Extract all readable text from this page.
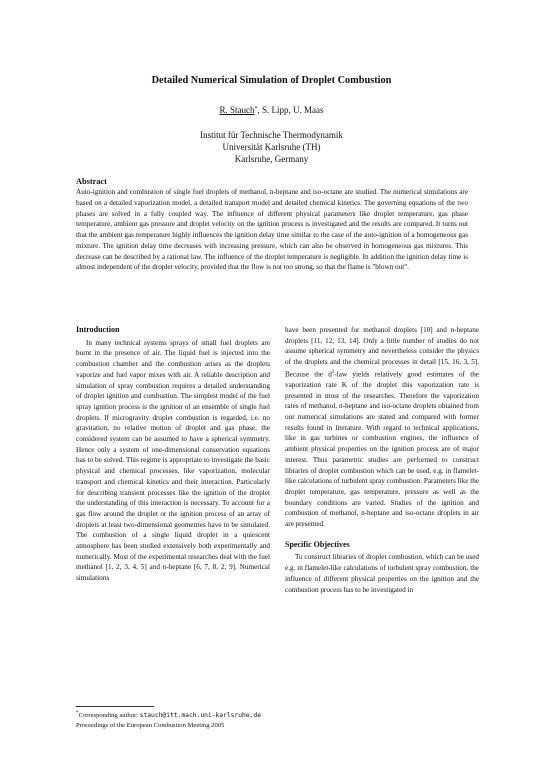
Detailed Numerical Simulation of Droplet Combustion
R. Stauch*, S. Lipp, U. Maas
Institut für Technische Thermodynamik
Universität Karlsruhe (TH)
Karlsruhe, Germany
Abstract
Auto-ignition and combustion of single fuel droplets of methanol, n-heptane and iso-octane are studied. The numerical simulations are based on a detailed vaporization model, a detailed transport model and detailed chemical kinetics. The governing equations of the two phases are solved in a fully coupled way. The influence of different physical parameters like droplet temperature, gas phase temperature, ambient gas pressure and droplet velocity on the ignition process is investigated and the results are compared. It turns out that the ambient gas temperature highly influences the ignition delay time similar to the case of the auto-ignition of a homogeneous gas mixture. The ignition delay time decreases with increasing pressure, which can also be observed in homogeneous gas mixtures. This decrease can be described by a rational law. The influence of the droplet temperature is negligible. In addition the ignition delay time is almost independent of the droplet velocity, provided that the flow is not too strong, so that the flame is "blown out".
Introduction

In many technical systems sprays of small fuel droplets are burnt in the presence of air. The liquid fuel is injected into the combustion chamber and the combustion arises as the droplets vaporize and fuel vapor mixes with air. A reliable description and simulation of spray combustion requires a detailed understanding of droplet ignition and combustion. The simplest model of the fuel spray ignition process is the ignition of an ensemble of single fuel droplets. If microgravity droplet combustion is regarded, i.e. no gravitation, no relative motion of droplet and gas phase, the considered system can be assumed to have a spherical symmetry. Hence only a system of one-dimensional conservation equations has to be solved. This regime is appropriate to investigate the basic physical and chemical processes, like vaporization, molecular transport and chemical kinetics and their interaction. Particularly for describing transient processes like the ignition of the droplet the understanding of this interaction is necessary. To account for a gas flow around the droplet or the ignition process of an array of droplets at least two-dimensional geometries have to be simulated. The combustion of a single liquid droplet in a quiescent atmosphere has been studied extensively both experimentally and numerically. Most of the experimental researches deal with the fuel methanol [1, 2, 3, 4, 5] and n-heptane [6, 7, 8, 2, 9]. Numerical simulations

have been presented for methanol droplets [10] and n-heptane droplets [11, 12, 13, 14]. Only a little number of studies do not assume spherical symmetry and nevertheless consider the physics of the droplets and the chemical processes in detail [15, 16, 3, 5]. Because the $d^2$-law yields relatively good estimates of the vaporization rate K of the droplet this vaporization rate is presented in most of the researches. Therefore the vaporization rates of methanol, n-heptane and iso-octane droplets obtained from our numerical simulations are stated and compared with former results found in literature. With regard to technical applications, like in gas turbines or combustion engines, the influence of ambient physical properties on the ignition process are of major interest. Thus parametric studies are performed to construct libraries of droplet combustion which can be used, e.g. in flamelet-like calculations of turbulent spray combustion. Parameters like the droplet temperature, gas temperature, pressure as well as the boundary conditions are varied. Studies of the ignition and combustion of methanol, n-heptane and iso-octane droplets in air are presented.

Specific Objectives

To construct libraries of droplet combustion, which can be used e.g. in flamelet-like calculations of turbulent spray combustion, the influence of different physical properties on the ignition and the combustion process has to be investigated in

*Corresponding author: stauch@itt.mach.uni-karlsruhe.de
Proceedings of the European Combustion Meeting 2005
